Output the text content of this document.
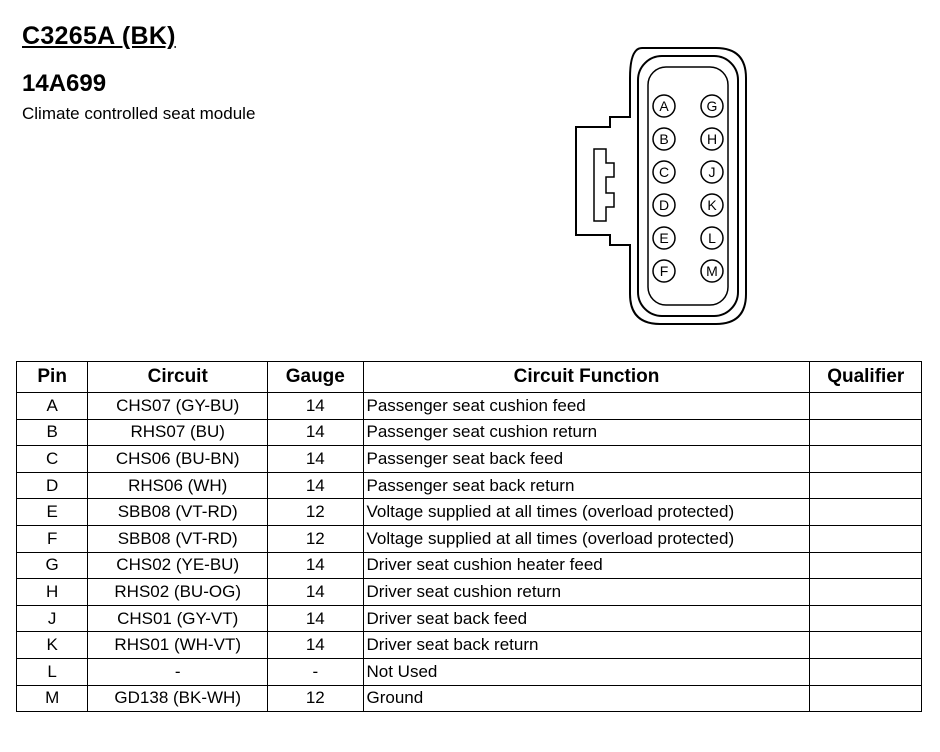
C3265A (BK)
14A699
Climate controlled seat module	A
B
C
D
E
F
G
H
J
K
L
M
Pin	Circuit	Gauge	Circuit Function	Qualifier
A	CHS07 (GY-BU)	14	Passenger seat cushion feed	
B	RHS07 (BU)	14	Passenger seat cushion return	
C	CHS06 (BU-BN)	14	Passenger seat back feed	
D	RHS06 (WH)	14	Passenger seat back return	
E	SBB08 (VT-RD)	12	Voltage supplied at all times (overload protected)	
F	SBB08 (VT-RD)	12	Voltage supplied at all times (overload protected)	
G	CHS02 (YE-BU)	14	Driver seat cushion heater feed	
H	RHS02 (BU-OG)	14	Driver seat cushion return	
J	CHS01 (GY-VT)	14	Driver seat back feed	
K	RHS01 (WH-VT)	14	Driver seat back return	
L	-	-	Not Used	
M	GD138 (BK-WH)	12	Ground	
